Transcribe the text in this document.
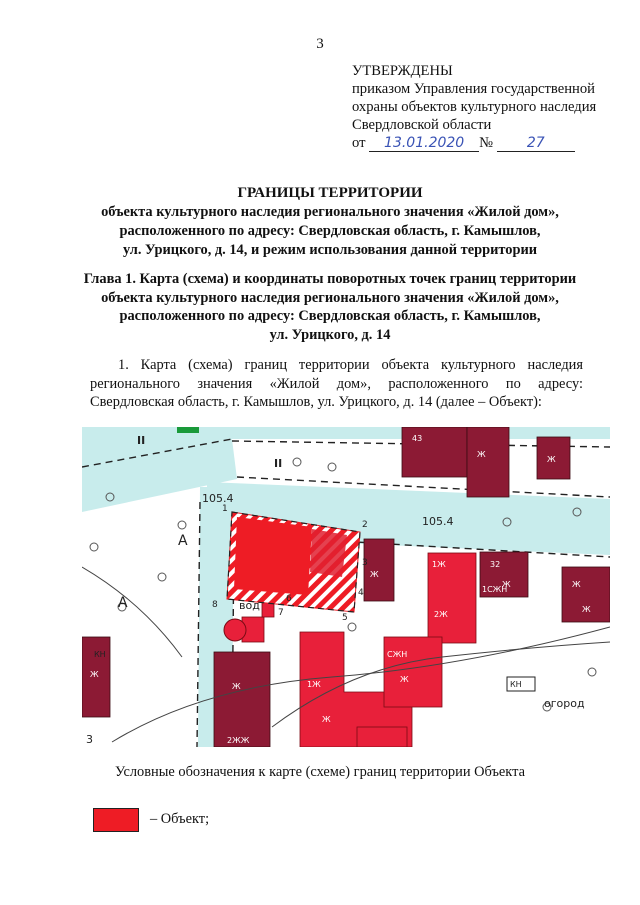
3
УТВЕРЖДЕНЫ
приказом Управления государственной
охраны объектов культурного наследия
Свердловской области
от 13.01.2020 № 27
ГРАНИЦЫ ТЕРРИТОРИИ
объекта культурного наследия регионального значения «Жилой дом»,
расположенного по адресу: Свердловская область, г. Камышлов,
ул. Урицкого, д. 14, и режим использования данной территории
Глава 1. Карта (схема) и координаты поворотных точек границ территории
объекта культурного наследия регионального значения «Жилой дом»,
расположенного по адресу: Свердловская область, г. Камышлов,
ул. Урицкого, д. 14
1. Карта (схема) границ территории объекта культурного наследия регионального значения «Жилой дом», расположенного по адресу: Свердловская область, г. Камышлов, ул. Урицкого, д. 14 (далее – Объект):
II
II
105.4
105.4
А
А	вод
огород
43
Ж
Ж
Ж
1Ж
2Ж
32
Ж	Ж
Ж
1СЖН
СЖН
1Ж
2ЖЖ
Ж
Ж
Ж
Ж
КН
КН
3
1
2
3
4
5
6
7
8
Условные обозначения к карте (схеме) границ территории Объекта
– Объект;
